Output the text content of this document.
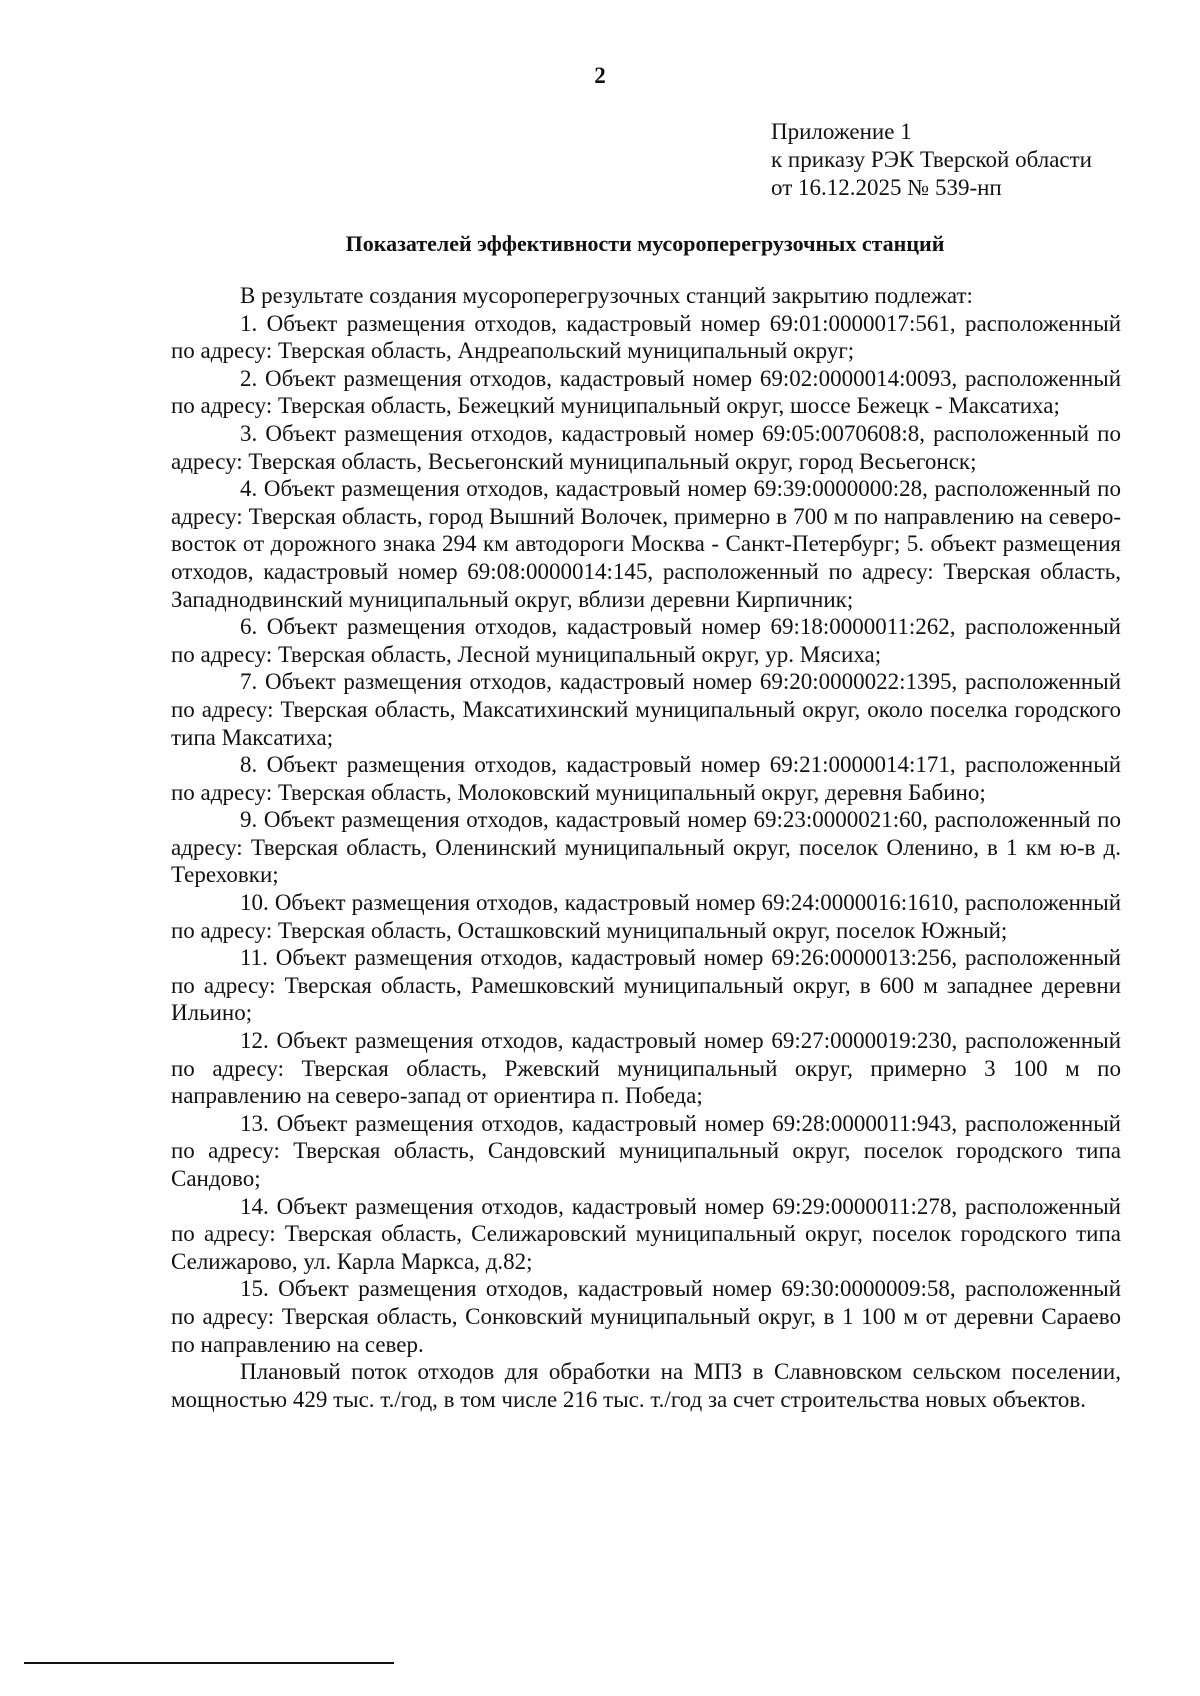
2
Приложение 1
к приказу РЭК Тверской области
от 16.12.2025 № 539-нп
Показателей эффективности мусороперегрузочных станций

В результате создания мусороперегрузочных станций закрытию подлежат:

1. Объект размещения отходов, кадастровый номер 69:01:0000017:561, расположенный по адресу: Тверская область, Андреапольский муниципальный округ;

2. Объект размещения отходов, кадастровый номер 69:02:0000014:0093, расположенный по адресу: Тверская область, Бежецкий муниципальный округ, шоссе Бежецк - Максатиха;

3. Объект размещения отходов, кадастровый номер 69:05:0070608:8, расположенный по адресу: Тверская область, Весьегонский муниципальный округ, город Весьегонск;

4. Объект размещения отходов, кадастровый номер 69:39:0000000:28, расположенный по адресу: Тверская область, город Вышний Волочек, примерно в 700 м по направлению на северо-восток от дорожного знака 294 км автодороги Москва - Санкт-Петербург; 5. объект размещения отходов, кадастровый номер 69:08:0000014:145, расположенный по адресу: Тверская область, Западнодвинский муниципальный округ, вблизи деревни Кирпичник;

6. Объект размещения отходов, кадастровый номер 69:18:0000011:262, расположенный по адресу: Тверская область, Лесной муниципальный округ, ур. Мясиха;

7. Объект размещения отходов, кадастровый номер 69:20:0000022:1395, расположенный по адресу: Тверская область, Максатихинский муниципальный округ, около поселка городского типа Максатиха;

8. Объект размещения отходов, кадастровый номер 69:21:0000014:171, расположенный по адресу: Тверская область, Молоковский муниципальный округ, деревня Бабино;

9. Объект размещения отходов, кадастровый номер 69:23:0000021:60, расположенный по адресу: Тверская область, Оленинский муниципальный округ, поселок Оленино, в 1 км ю-в д. Тереховки;

10. Объект размещения отходов, кадастровый номер 69:24:0000016:1610, расположенный по адресу: Тверская область, Осташковский муниципальный округ, поселок Южный;

11. Объект размещения отходов, кадастровый номер 69:26:0000013:256, расположенный по адресу: Тверская область, Рамешковский муниципальный округ, в 600 м западнее деревни Ильино;

12. Объект размещения отходов, кадастровый номер 69:27:0000019:230, расположенный по адресу: Тверская область, Ржевский муниципальный округ, примерно 3 100 м по направлению на северо-запад от ориентира п. Победа;

13. Объект размещения отходов, кадастровый номер 69:28:0000011:943, расположенный по адресу: Тверская область, Сандовский муниципальный округ, поселок городского типа Сандово;

14. Объект размещения отходов, кадастровый номер 69:29:0000011:278, расположенный по адресу: Тверская область, Селижаровский муниципальный округ, поселок городского типа Селижарово, ул. Карла Маркса, д.82;

15. Объект размещения отходов, кадастровый номер 69:30:0000009:58, расположенный по адресу: Тверская область, Сонковский муниципальный округ, в 1 100 м от деревни Сараево по направлению на север.

Плановый поток отходов для обработки на МПЗ в Славновском сельском поселении, мощностью 429 тыс. т./год, в том числе 216 тыс. т./год за счет строительства новых объектов.
